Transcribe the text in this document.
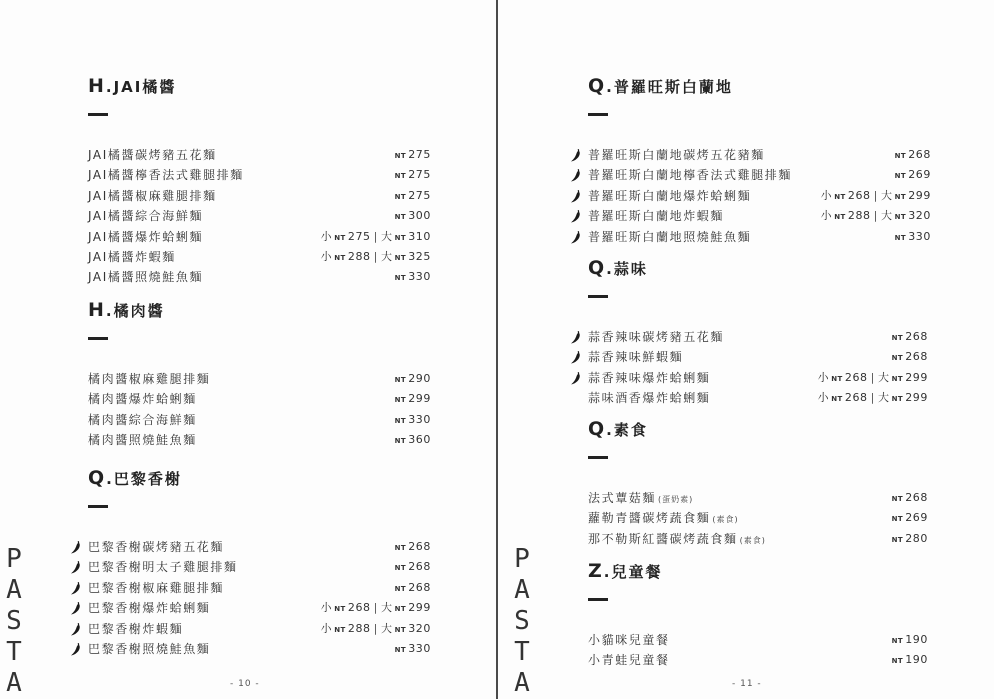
H.JAI橘醬
JAI橘醬碳烤豬五花麵	NT 275
JAI橘醬檸香法式雞腿排麵	NT 275
JAI橘醬椒麻雞腿排麵	NT 275
JAI橘醬綜合海鮮麵	NT 300
JAI橘醬爆炸蛤蜊麵	小NT 275 | 大 NT 310
JAI橘醬炸蝦麵	小NT 288 | 大 NT 325
JAI橘醬照燒鮭魚麵	NT 330
H.橘肉醬
橘肉醬椒麻雞腿排麵	NT 290
橘肉醬爆炸蛤蜊麵	NT 299
橘肉醬綜合海鮮麵	NT 330
橘肉醬照燒鮭魚麵	NT 360
Q.巴黎香榭
巴黎香榭碳烤豬五花麵	NT 268
巴黎香榭明太子雞腿排麵	NT 268
巴黎香榭椒麻雞腿排麵	NT 268
巴黎香榭爆炸蛤蜊麵	小NT 268 | 大 NT 299
巴黎香榭炸蝦麵	小NT 288 | 大 NT 320
巴黎香榭照燒鮭魚麵	NT 330
P
A
S
T
A	- 10 -
Q.普羅旺斯白蘭地
普羅旺斯白蘭地碳烤五花豬麵	NT 268
普羅旺斯白蘭地檸香法式雞腿排麵	NT 269
普羅旺斯白蘭地爆炸蛤蜊麵	小NT 268 | 大 NT 299
普羅旺斯白蘭地炸蝦麵	小NT 288 | 大 NT 320
普羅旺斯白蘭地照燒鮭魚麵	NT 330
Q.蒜味
蒜香辣味碳烤豬五花麵	NT 268
蒜香辣味鮮蝦麵	NT 268
蒜香辣味爆炸蛤蜊麵	小NT 268 | 大 NT 299
蒜味酒香爆炸蛤蜊麵	小NT 268 | 大 NT 299
Q.素食
法式蕈菇麵 (蛋奶素)	NT 268
蘿勒青醬碳烤蔬食麵 (素食)	NT 269
那不勒斯紅醬碳烤蔬食麵 (素食)	NT 280
Z.兒童餐
小貓咪兒童餐	NT 190
小青蛙兒童餐	NT 190
P
A
S
T
A	- 11 -
